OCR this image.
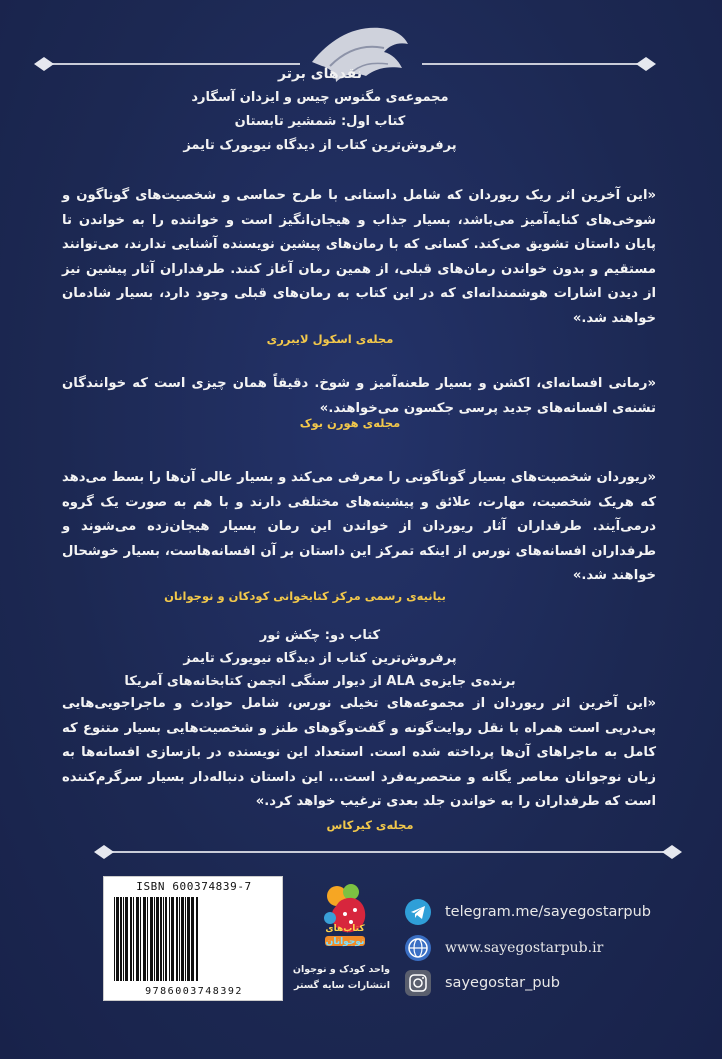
نقدهای برتر
مجموعه‌ی مگنوس چیس و ایزدان آسگارد
کتاب اول: شمشیر تابستان
پرفروش‌ترین کتاب از دیدگاه نیویورک تایمز
«این آخرین اثر ریک ریوردان که شامل داستانی با طرح حماسی و شخصیت‌های گوناگون و شوخی‌های کنایه‌آمیز می‌باشد، بسیار جذاب و هیجان‌انگیز است و خواننده را به خواندن تا پایان داستان تشویق می‌کند. کسانی که با رمان‌های پیشین نویسنده آشنایی ندارند، می‌توانند مستقیم و بدون خواندن رمان‌های قبلی، از همین رمان آغاز کنند. طرفداران آثار پیشین نیز از دیدن اشارات هوشمندانه‌ای که در این کتاب به رمان‌های قبلی وجود دارد، بسیار شادمان خواهند شد.»
مجله‌ی اسکول لایبرری
«رمانی افسانه‌ای، اکشن و بسیار طعنه‌آمیز و شوخ. دقیقاً همان چیزی است که خوانندگان تشنه‌ی افسانه‌های جدید پرسی جکسون می‌خواهند.»
مجله‌ی هورن بوک
«ریوردان شخصیت‌های بسیار گوناگونی را معرفی می‌کند و بسیار عالی آن‌ها را بسط می‌دهد که هریک شخصیت، مهارت، علائق و پیشینه‌های مختلفی دارند و با هم به صورت یک گروه درمی‌آیند. طرفداران آثار ریوردان از خواندن این رمان بسیار هیجان‌زده می‌شوند و طرفداران افسانه‌های نورس از اینکه تمرکز این داستان بر آن افسانه‌هاست، بسیار خوشحال خواهند شد.»
بیانیه‌ی رسمی مرکز کتابخوانی کودکان و نوجوانان
کتاب دو: چکش ثور
پرفروش‌ترین کتاب از دیدگاه نیویورک تایمز
برنده‌ی جایزه‌ی ALA از دیوار سنگی انجمن کتابخانه‌های آمریکا
«این آخرین اثر ریوردان از مجموعه‌های تخیلی نورس، شامل حوادث و ماجراجویی‌هایی پی‌درپی است همراه با نقل روایت‌گونه و گفت‌وگوهای طنز و شخصیت‌هایی بسیار متنوع که کامل به ماجراهای آن‌ها پرداخته شده است. استعداد این نویسنده در بازسازی افسانه‌ها به زبان نوجوانان معاصر یگانه و منحصربه‌فرد است... این داستان دنباله‌دار بسیار سرگرم‌کننده است که طرفداران را به خواندن جلد بعدی ترغیب خواهد کرد.»
مجله‌ی کیرکاس
ISBN 600374839-7
9786003748392
کتاب‌های
نوجوانان
واحد کودک و نوجوان
انتشارات سایه گستر
telegram.me/sayegostarpub
www.sayegostarpub.ir
sayegostar_pub
